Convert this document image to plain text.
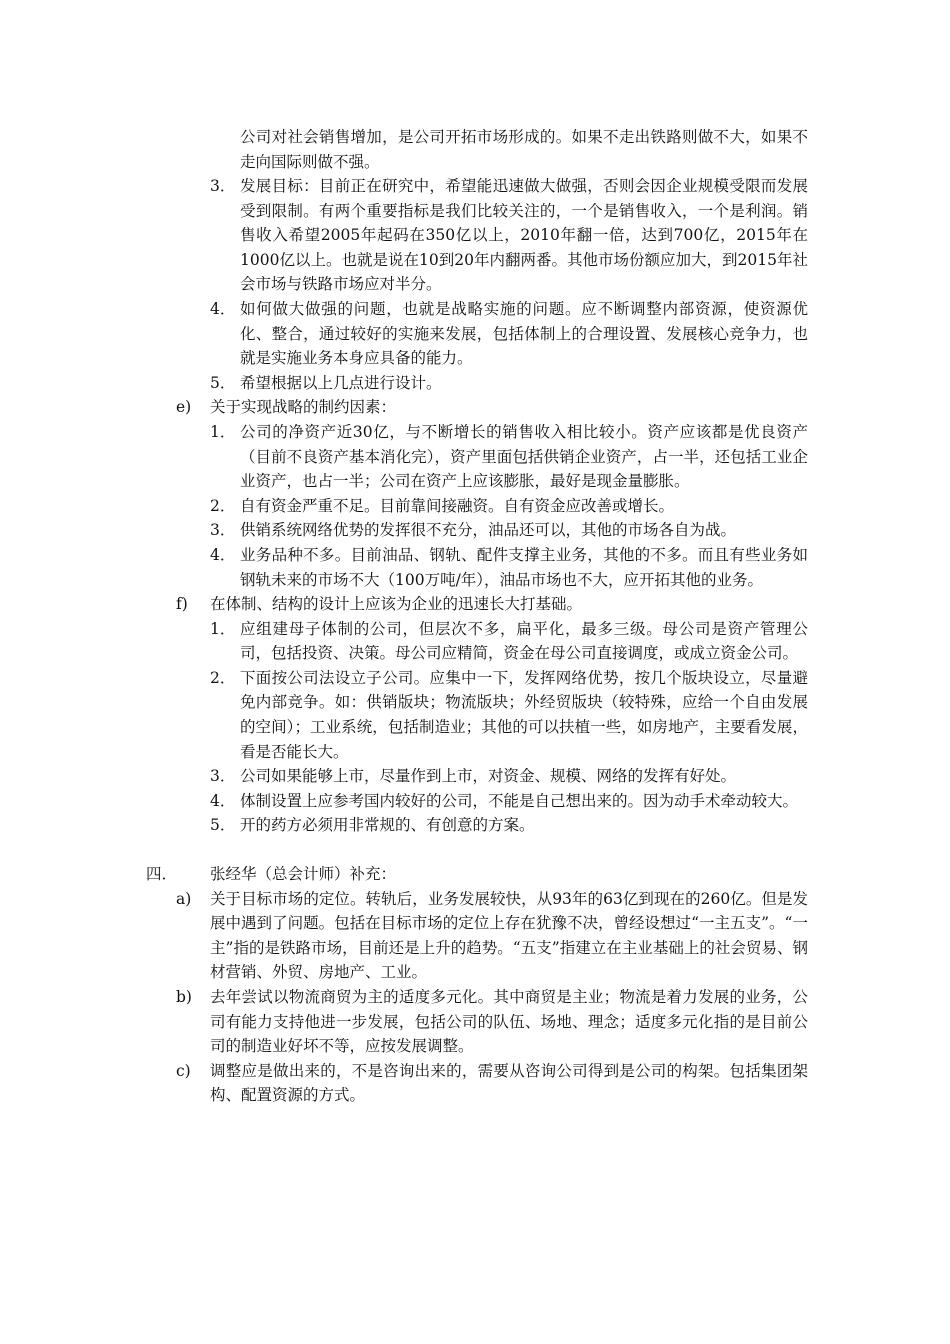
公司对社会销售增加，是公司开拓市场形成的。如果不走出铁路则做不大，如果不走向国际则做不强。
3． 发展目标：目前正在研究中，希望能迅速做大做强，否则会因企业规模受限而发展受到限制。有两个重要指标是我们比较关注的，一个是销售收入，一个是利润。销售收入希望2005年起码在350亿以上，2010年翻一倍，达到700亿，2015年在1000亿以上。也就是说在10到20年内翻两番。其他市场份额应加大，到2015年社会市场与铁路市场应对半分。
4． 如何做大做强的问题，也就是战略实施的问题。应不断调整内部资源，使资源优化、整合，通过较好的实施来发展，包括体制上的合理设置、发展核心竞争力，也就是实施业务本身应具备的能力。
5． 希望根据以上几点进行设计。
e) 关于实现战略的制约因素：
1． 公司的净资产近30亿，与不断增长的销售收入相比较小。资产应该都是优良资产（目前不良资产基本消化完），资产里面包括供销企业资产，占一半，还包括工业企业资产，也占一半；公司在资产上应该膨胀，最好是现金量膨胀。
2． 自有资金严重不足。目前靠间接融资。自有资金应改善或增长。
3． 供销系统网络优势的发挥很不充分，油品还可以，其他的市场各自为战。
4． 业务品种不多。目前油品、钢轨、配件支撑主业务，其他的不多。而且有些业务如钢轨未来的市场不大（100万吨/年），油品市场也不大，应开拓其他的业务。
f) 在体制、结构的设计上应该为企业的迅速长大打基础。
1． 应组建母子体制的公司，但层次不多，扁平化，最多三级。母公司是资产管理公司，包括投资、决策。母公司应精简，资金在母公司直接调度，或成立资金公司。
2． 下面按公司法设立子公司。应集中一下，发挥网络优势，按几个版块设立，尽量避免内部竞争。如：供销版块；物流版块；外经贸版块（较特殊，应给一个自由发展的空间）；工业系统，包括制造业；其他的可以扶植一些，如房地产，主要看发展，看是否能长大。
3． 公司如果能够上市，尽量作到上市，对资金、规模、网络的发挥有好处。
4． 体制设置上应参考国内较好的公司，不能是自己想出来的。因为动手术牵动较大。
5． 开的药方必须用非常规的、有创意的方案。
四． 张经华（总会计师）补充：
a) 关于目标市场的定位。转轨后，业务发展较快，从93年的63亿到现在的260亿。但是发展中遇到了问题。包括在目标市场的定位上存在犹豫不决，曾经设想过“一主五支”。“一主”指的是铁路市场，目前还是上升的趋势。“五支”指建立在主业基础上的社会贸易、钢材营销、外贸、房地产、工业。
b) 去年尝试以物流商贸为主的适度多元化。其中商贸是主业；物流是着力发展的业务，公司有能力支持他进一步发展，包括公司的队伍、场地、理念；适度多元化指的是目前公司的制造业好坏不等，应按发展调整。
c) 调整应是做出来的，不是咨询出来的，需要从咨询公司得到是公司的构架。包括集团架构、配置资源的方式。
